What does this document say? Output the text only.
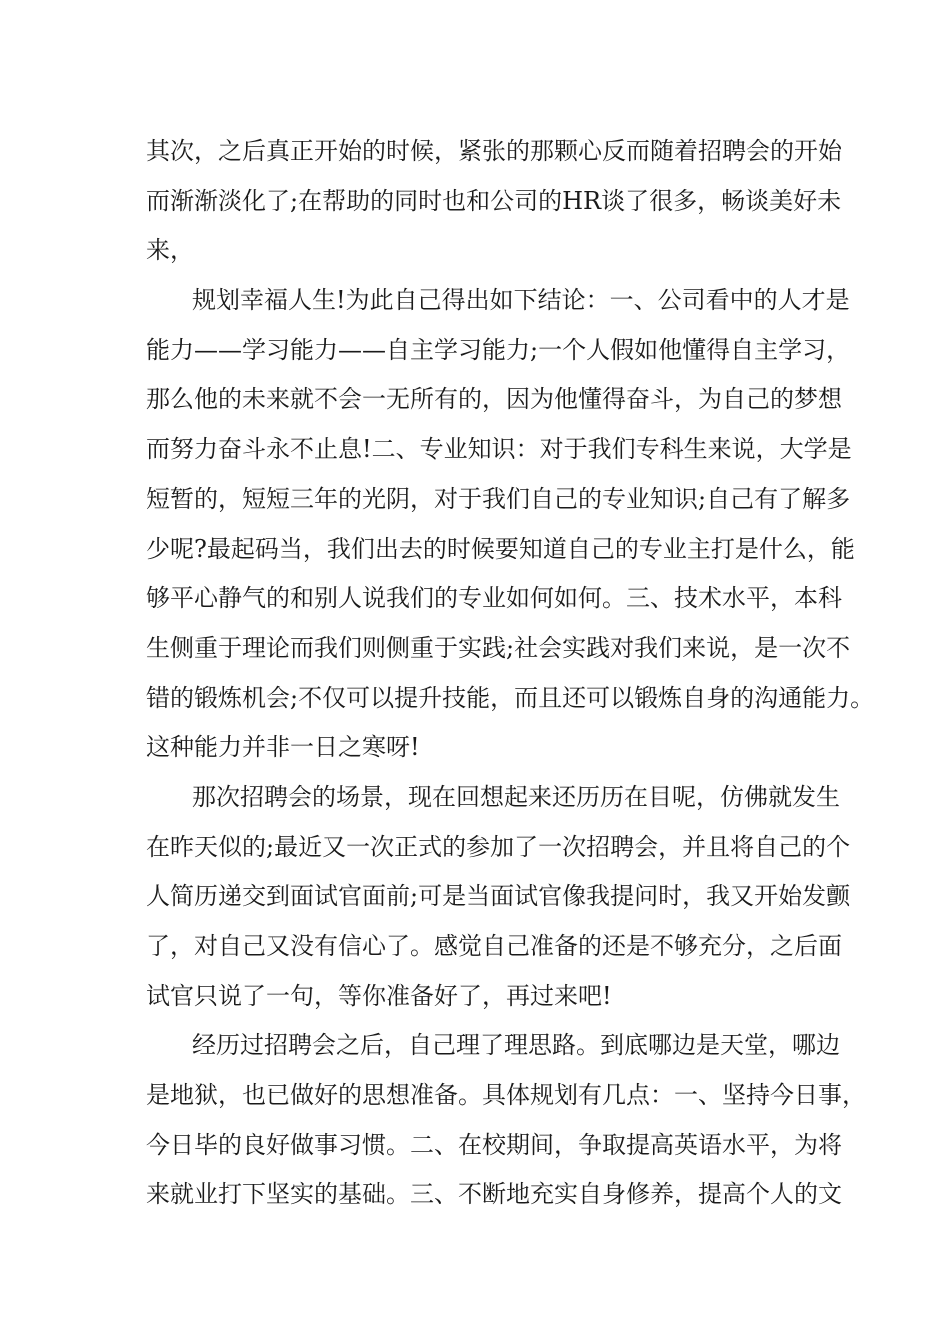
其次，之后真正开始的时候，紧张的那颗心反而随着招聘会的开始
而渐渐淡化了;在帮助的同时也和公司的HR谈了很多，畅谈美好未
来，
规划幸福人生!为此自己得出如下结论：一、公司看中的人才是
能力——学习能力——自主学习能力;一个人假如他懂得自主学习，
那么他的未来就不会一无所有的，因为他懂得奋斗，为自己的梦想
而努力奋斗永不止息!二、专业知识：对于我们专科生来说，大学是
短暂的，短短三年的光阴，对于我们自己的专业知识;自己有了解多
少呢?最起码当，我们出去的时候要知道自己的专业主打是什么，能
够平心静气的和别人说我们的专业如何如何。三、技术水平，本科
生侧重于理论而我们则侧重于实践;社会实践对我们来说，是一次不
错的锻炼机会;不仅可以提升技能，而且还可以锻炼自身的沟通能力。
这种能力并非一日之寒呀!
那次招聘会的场景，现在回想起来还历历在目呢，仿佛就发生
在昨天似的;最近又一次正式的参加了一次招聘会，并且将自己的个
人简历递交到面试官面前;可是当面试官像我提问时，我又开始发颤
了，对自己又没有信心了。感觉自己准备的还是不够充分，之后面
试官只说了一句，等你准备好了，再过来吧!
经历过招聘会之后，自己理了理思路。到底哪边是天堂，哪边
是地狱，也已做好的思想准备。具体规划有几点：一、坚持今日事，
今日毕的良好做事习惯。二、在校期间，争取提高英语水平，为将
来就业打下坚实的基础。三、不断地充实自身修养，提高个人的文
